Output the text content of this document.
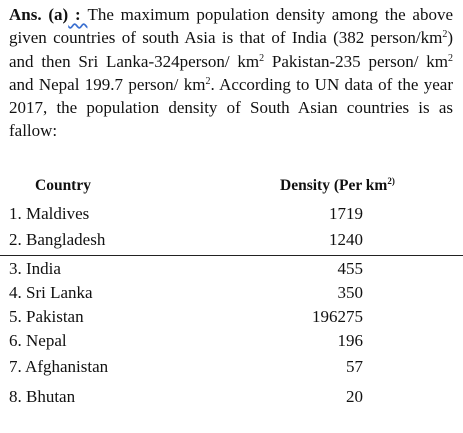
Ans. (a) : The maximum population density among the above given countries of south Asia is that of India (382 person/$km^2$) and then Sri Lanka-324person/ $km^2$ Pakistan-235 person/ $km^2$ and Nepal 199.7 person/ $km^2$. According to UN data of the year 2017, the population density of South Asian countries is as fallow:

Country	Density (Per $km^{2)}$
1. Maldives	1719
2. Bangladesh	1240
3. India	455
4. Sri Lanka	350
5. Pakistan	196275
6. Nepal	196
7. Afghanistan	57
8. Bhutan	20
